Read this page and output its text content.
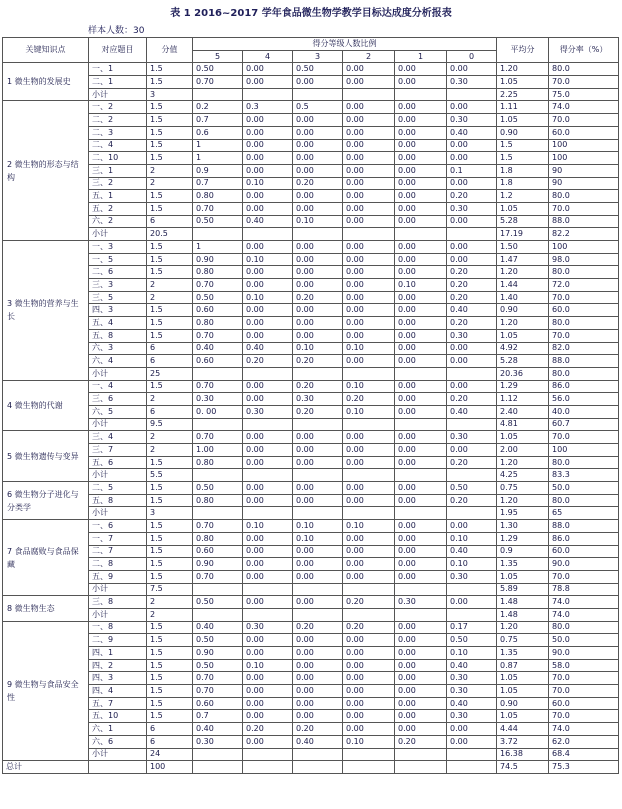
表 1 2016~2017 学年食品微生物学教学目标达成度分析报表
样本人数：30
关键知识点	对应题目	分值	得分等级人数比例						平均分	得分率（%）
			5	4	3	2	1	0		
1 微生物的发展史	一、1	1.5	0.50	0.00	0.50	0.00	0.00	0.00	1.20	80.0
	二、1	1.5	0.70	0.00	0.00	0.00	0.00	0.30	1.05	70.0
	小计	3							2.25	75.0
2 微生物的形态与结构	一、2	1.5	0.2	0.3	0.5	0.00	0.00	0.00	1.11	74.0
	二、2	1.5	0.7	0.00	0.00	0.00	0.00	0.30	1.05	70.0
	二、3	1.5	0.6	0.00	0.00	0.00	0.00	0.40	0.90	60.0
	二、4	1.5	1	0.00	0.00	0.00	0.00	0.00	1.5	100
	二、10	1.5	1	0.00	0.00	0.00	0.00	0.00	1.5	100
	三、1	2	0.9	0.00	0.00	0.00	0.00	0.1	1.8	90
	三、2	2	0.7	0.10	0.20	0.00	0.00	0.00	1.8	90
	五、1	1.5	0.80	0.00	0.00	0.00	0.00	0.20	1.2	80.0
	五、2	1.5	0.70	0.00	0.00	0.00	0.00	0.30	1.05	70.0
	六、2	6	0.50	0.40	0.10	0.00	0.00	0.00	5.28	88.0
	小计	20.5							17.19	82.2
3 微生物的营养与生长	一、3	1.5	1	0.00	0.00	0.00	0.00	0.00	1.50	100
	一、5	1.5	0.90	0.10	0.00	0.00	0.00	0.00	1.47	98.0
	二、6	1.5	0.80	0.00	0.00	0.00	0.00	0.20	1.20	80.0
	三、3	2	0.70	0.00	0.00	0.00	0.10	0.20	1.44	72.0
	三、5	2	0.50	0.10	0.20	0.00	0.00	0.20	1.40	70.0
	四、3	1.5	0.60	0.00	0.00	0.00	0.00	0.40	0.90	60.0
	五、4	1.5	0.80	0.00	0.00	0.00	0.00	0.20	1.20	80.0
	五、8	1.5	0.70	0.00	0.00	0.00	0.00	0.30	1.05	70.0
	六、3	6	0.40	0.40	0.10	0.10	0.00	0.00	4.92	82.0
	六、4	6	0.60	0.20	0.20	0.00	0.00	0.00	5.28	88.0
	小计	25							20.36	80.0
4 微生物的代谢	一、4	1.5	0.70	0.00	0.20	0.10	0.00	0.00	1.29	86.0
	三、6	2	0.30	0.00	0.30	0.20	0.00	0.20	1.12	56.0
	六、5	6	0. 00	0.30	0.20	0.10	0.00	0.40	2.40	40.0
	小计	9.5							4.81	60.7
5 微生物遗传与变异	三、4	2	0.70	0.00	0.00	0.00	0.00	0.30	1.05	70.0
	三、7	2	1.00	0.00	0.00	0.00	0.00	0.00	2.00	100
	五、6	1.5	0.80	0.00	0.00	0.00	0.00	0.20	1.20	80.0
	小计	5.5							4.25	83.3
6 微生物分子进化与分类学	二、5	1.5	0.50	0.00	0.00	0.00	0.00	0.50	0.75	50.0
	五、8	1.5	0.80	0.00	0.00	0.00	0.00	0.20	1.20	80.0
	小计	3							1.95	65
7 食品腐败与食品保藏	一、6	1.5	0.70	0.10	0.10	0.10	0.00	0.00	1.30	88.0
	一、7	1.5	0.80	0.00	0.10	0.00	0.00	0.10	1.29	86.0
	二、7	1.5	0.60	0.00	0.00	0.00	0.00	0.40	0.9	60.0
	二、8	1.5	0.90	0.00	0.00	0.00	0.00	0.10	1.35	90.0
	五、9	1.5	0.70	0.00	0.00	0.00	0.00	0.30	1.05	70.0
	小计	7.5							5.89	78.8
8 微生物生态	三、8	2	0.50	0.00	0.00	0.20	0.30	0.00	1.48	74.0
	小计	2							1.48	74.0
9 微生物与食品安全性	一、8	1.5	0.40	0.30	0.20	0.20	0.00	0.17	1.20	80.0
	二、9	1.5	0.50	0.00	0.00	0.00	0.00	0.50	0.75	50.0
	四、1	1.5	0.90	0.00	0.00	0.00	0.00	0.10	1.35	90.0
	四、2	1.5	0.50	0.10	0.00	0.00	0.00	0.40	0.87	58.0
	四、3	1.5	0.70	0.00	0.00	0.00	0.00	0.30	1.05	70.0
	四、4	1.5	0.70	0.00	0.00	0.00	0.00	0.30	1.05	70.0
	五、7	1.5	0.60	0.00	0.00	0.00	0.00	0.40	0.90	60.0
	五、10	1.5	0.7	0.00	0.00	0.00	0.00	0.30	1.05	70.0
	六、1	6	0.40	0.20	0.20	0.00	0.00	0.00	4.44	74.0
	六、6	6	0.30	0.00	0.40	0.10	0.20	0.00	3.72	62.0
	小计	24							16.38	68.4
总计		100							74.5	75.3
